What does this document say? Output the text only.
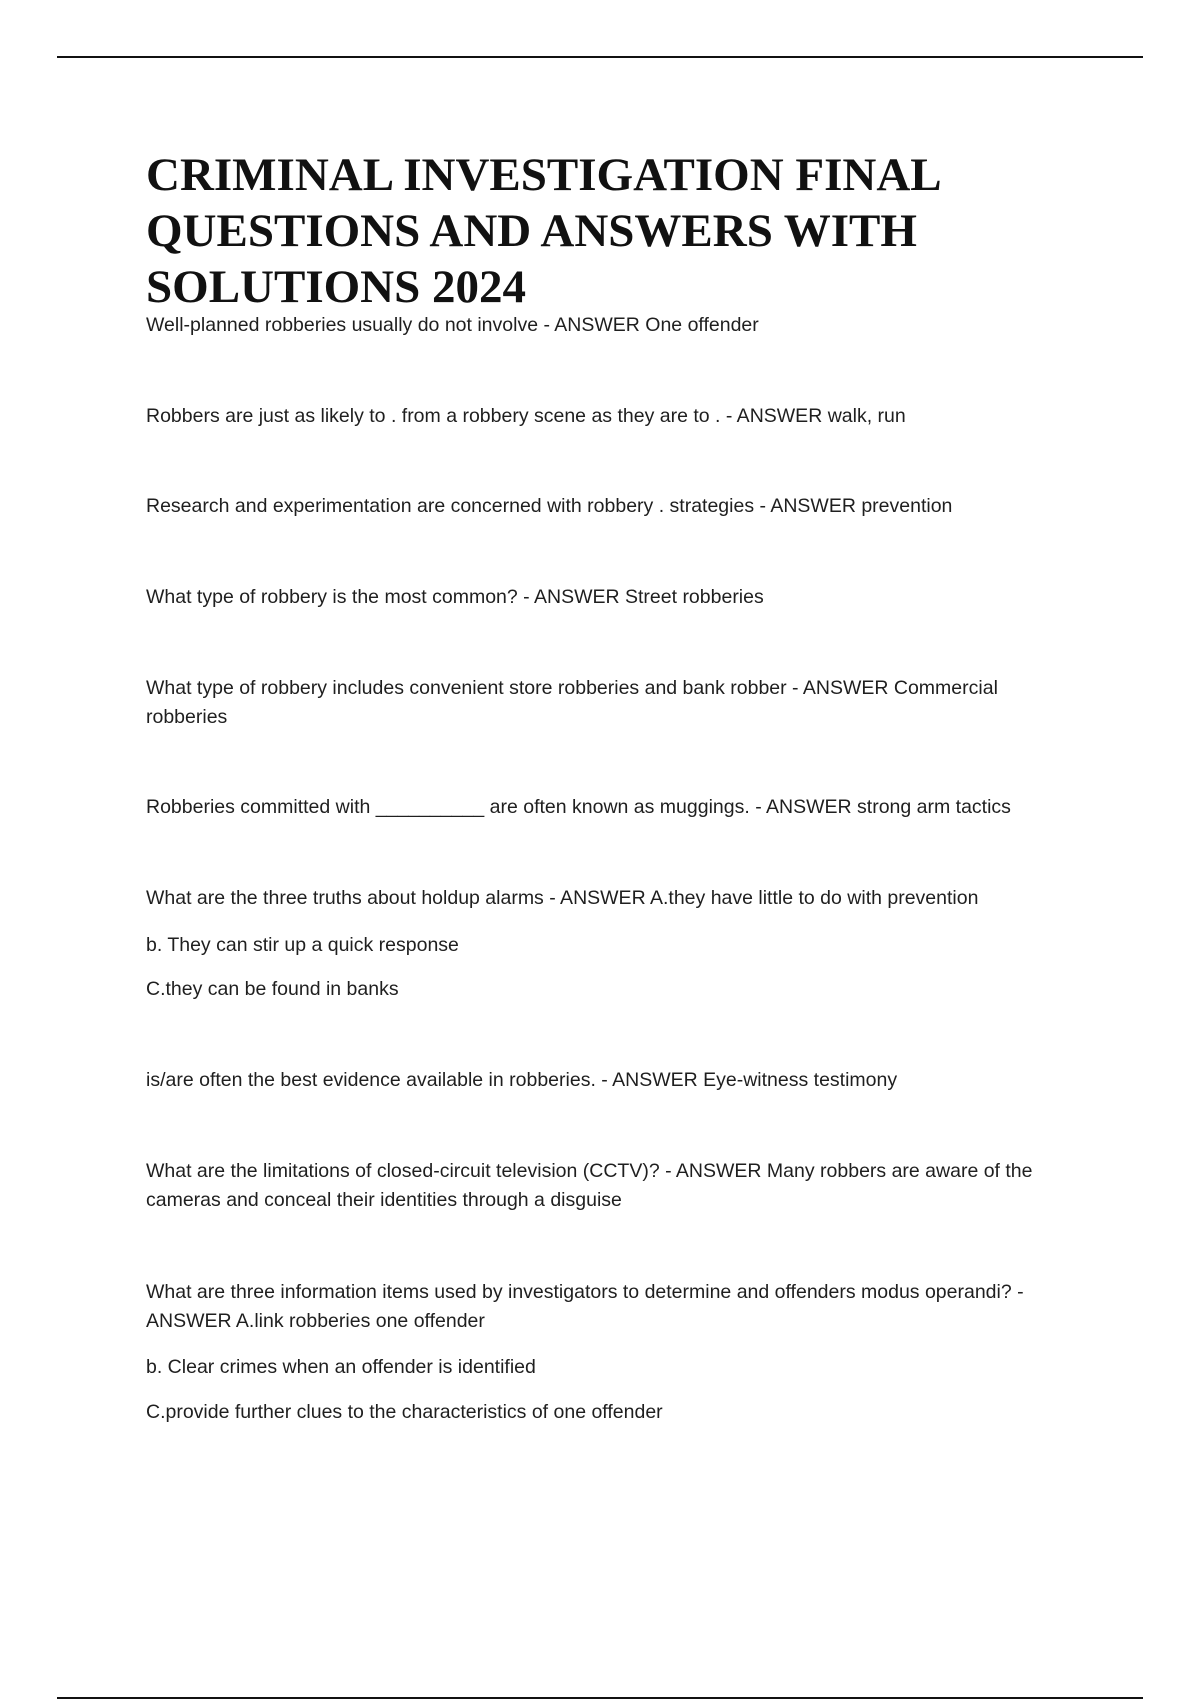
CRIMINAL INVESTIGATION FINAL
QUESTIONS AND ANSWERS WITH
SOLUTIONS 2024

Well-planned robberies usually do not involve - ANSWER One offender

Robbers are just as likely to . from a robbery scene as they are to . - ANSWER walk, run

Research and experimentation are concerned with robbery . strategies - ANSWER prevention

What type of robbery is the most common? - ANSWER Street robberies

What type of robbery includes convenient store robberies and bank robber - ANSWER Commercial
robberies

Robberies committed with __________ are often known as muggings. - ANSWER strong arm tactics

What are the three truths about holdup alarms - ANSWER A.they have little to do with prevention

b. They can stir up a quick response

C.they can be found in banks

is/are often the best evidence available in robberies. - ANSWER Eye-witness testimony

What are the limitations of closed-circuit television (CCTV)? - ANSWER Many robbers are aware of the
cameras and conceal their identities through a disguise

What are three information items used by investigators to determine and offenders modus operandi? -
ANSWER A.link robberies one offender

b. Clear crimes when an offender is identified

C.provide further clues to the characteristics of one offender
